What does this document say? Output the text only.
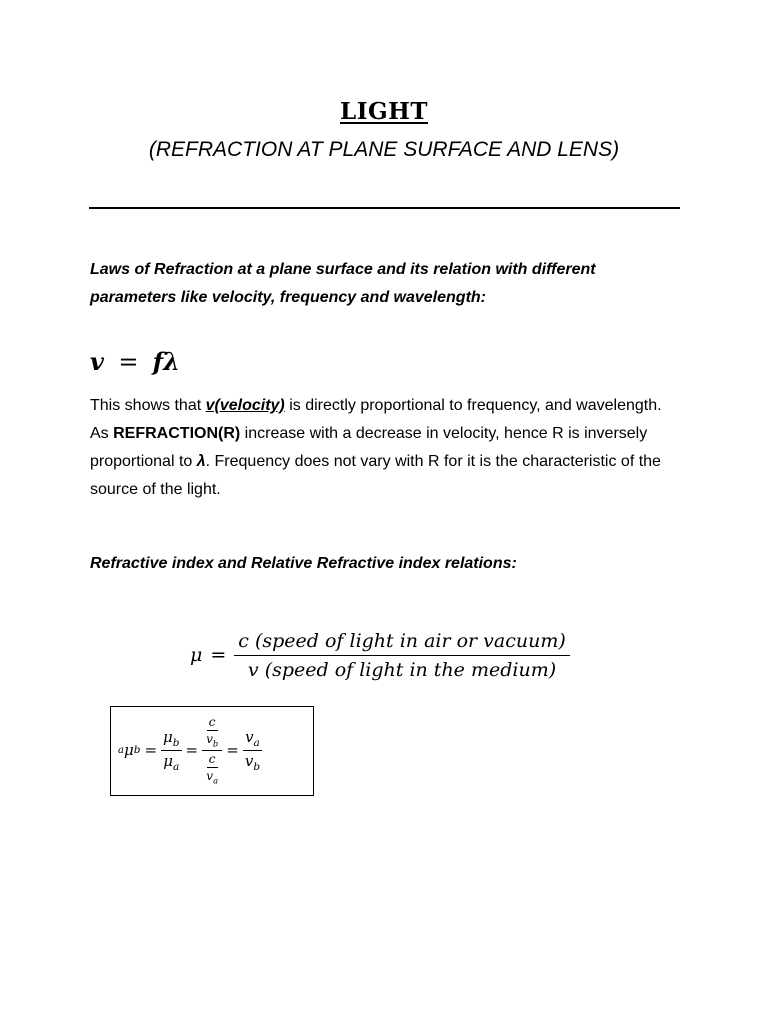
LIGHT
(REFRACTION AT PLANE SURFACE AND LENS)
Laws of Refraction at a plane surface and its relation with different
parameters like velocity, frequency and wavelength:
v = fλ
This shows that v(velocity) is directly proportional to frequency, and wavelength. As REFRACTION(R) increase with a decrease in velocity, hence R is inversely proportional to λ. Frequency does not vary with R for it is the characteristic of the source of the light.
Refractive index and Relative Refractive index relations:
$\mu = \frac{\text{c (speed of light in air or vacuum)}}{\text{v (speed of light in the medium)}}$
a μ $b = \frac{\mu_b}{\mu_a} = \frac{\frac{c}{v_b}}{\frac{c}{v_a}} = \frac{v_a}{v_b}$
